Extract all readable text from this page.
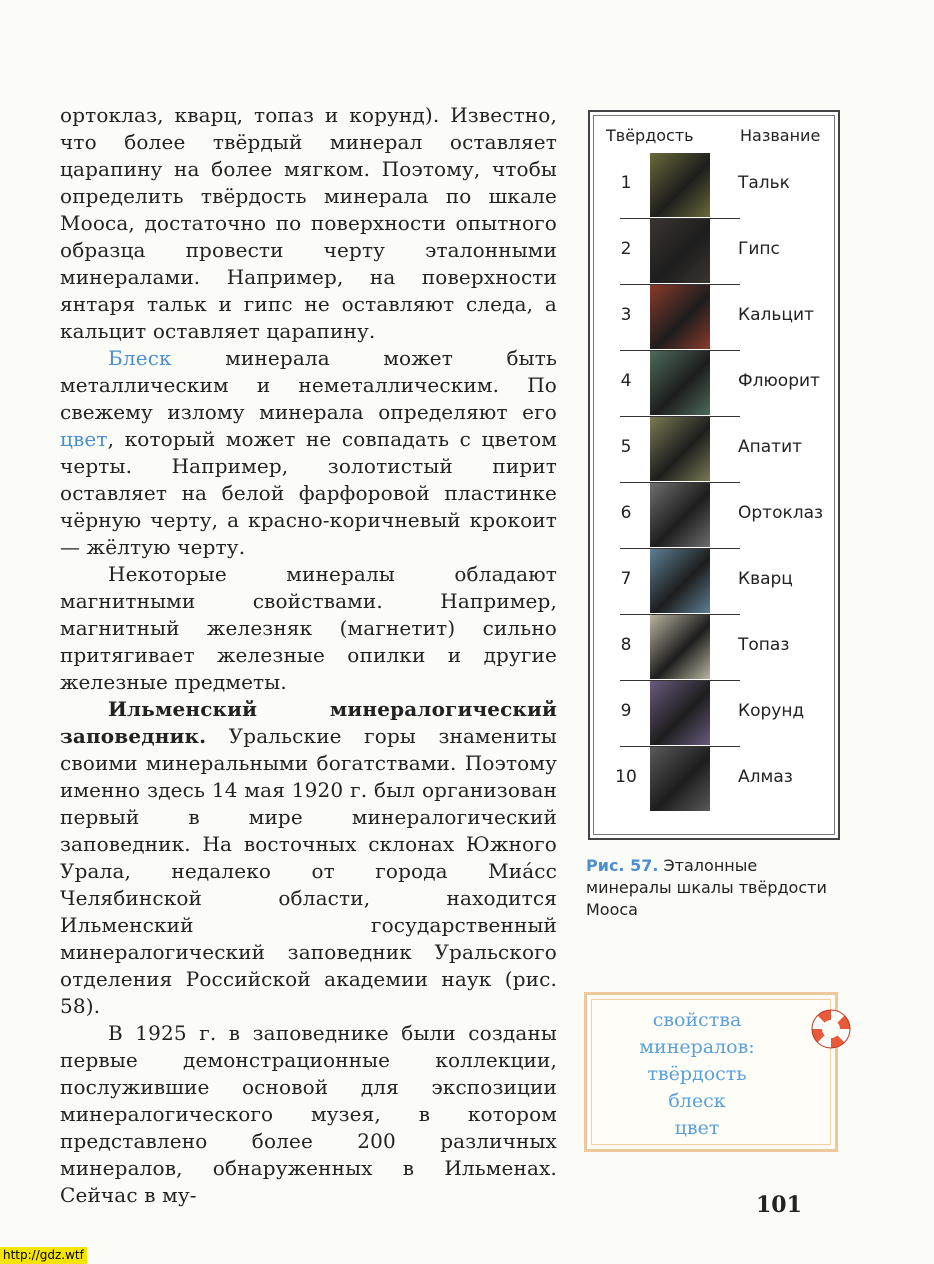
ортоклаз, кварц, топаз и корунд). Известно, что более твёрдый минерал оставляет царапину на более мягком. Поэтому, чтобы определить твёрдость минерала по шкале Мооса, достаточно по поверхности опытного образца провести черту эталонными минералами. Например, на поверхности янтаря тальк и гипс не оставляют следа, а кальцит оставляет царапину.

Блеск минерала может быть металлическим и неметаллическим. По свежему излому минерала определяют его цвет, который может не совпадать с цветом черты. Например, золотистый пирит оставляет на белой фарфоровой пластинке чёрную черту, а красно-коричневый крокоит — жёлтую черту.

Некоторые минералы обладают магнитными свойствами. Например, магнитный железняк (магнетит) сильно притягивает железные опилки и другие железные предметы.

Ильменский минералогический заповедник. Уральские горы знамениты своими минеральными богатствами. Поэтому именно здесь 14 мая 1920 г. был организован первый в мире минералогический заповедник. На восточных склонах Южного Урала, недалеко от города Миáсс Челябинской области, находится Ильменский государственный минералогический заповедник Уральского отделения Российской академии наук (рис. 58).

В 1925 г. в заповеднике были созданы первые демонстрационные коллекции, послужившие основой для экспозиции минералогического музея, в котором представлено более 200 различных минералов, обнаруженных в Ильменах. Сейчас в му-

Твёрдость	Название
1	Тальк
2	Гипс
3	Кальцит
4	Флюорит
5	Апатит
6	Ортоклаз
7	Кварц
8	Топаз
9	Корунд
10	Алмаз
Рис. 57. Эталонные минералы шкалы твёрдости Мооса
свойства минералов:
твёрдость
блеск
цвет
101
http://gdz.wtf
